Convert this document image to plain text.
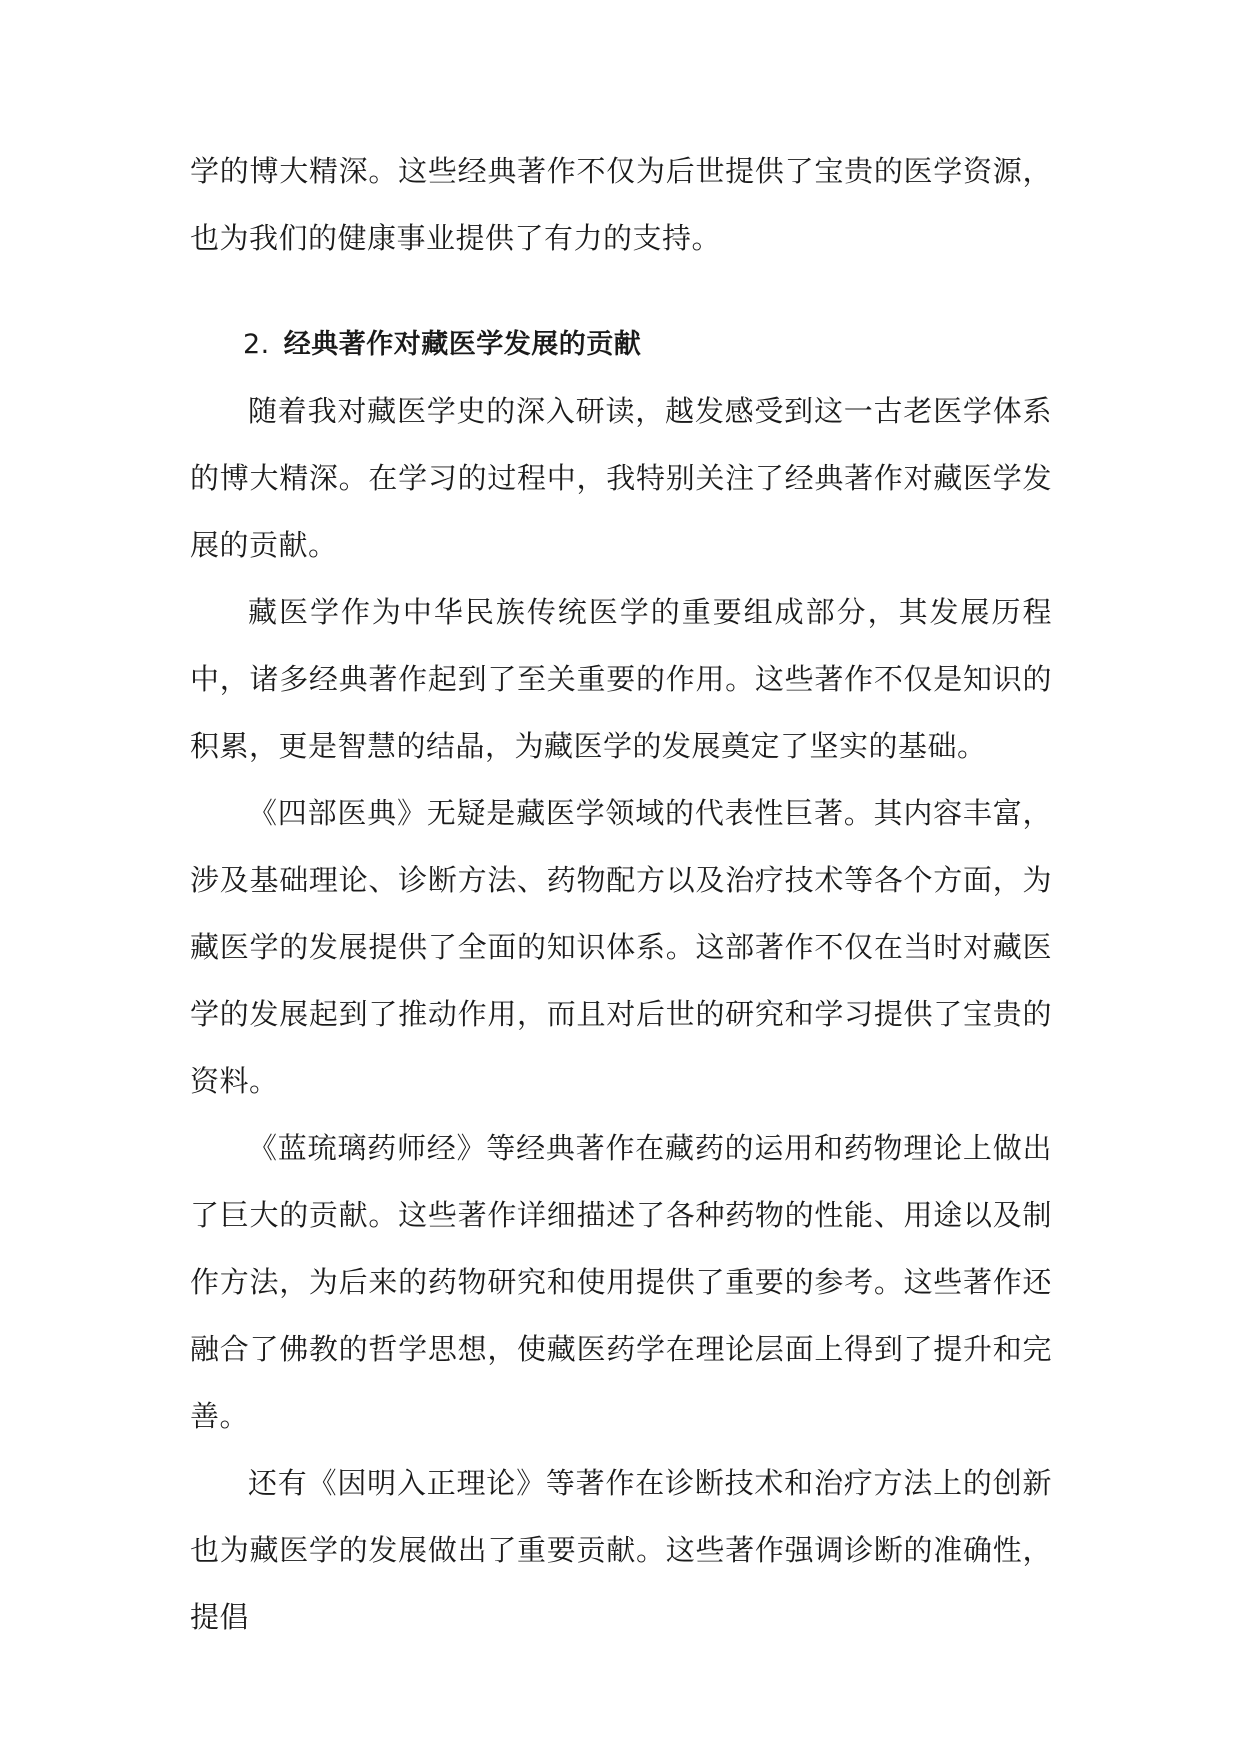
学的博大精深。这些经典著作不仅为后世提供了宝贵的医学资源，也为我们的健康事业提供了有力的支持。

2. 经典著作对藏医学发展的贡献

随着我对藏医学史的深入研读，越发感受到这一古老医学体系的博大精深。在学习的过程中，我特别关注了经典著作对藏医学发展的贡献。

藏医学作为中华民族传统医学的重要组成部分，其发展历程中，诸多经典著作起到了至关重要的作用。这些著作不仅是知识的积累，更是智慧的结晶，为藏医学的发展奠定了坚实的基础。

《四部医典》无疑是藏医学领域的代表性巨著。其内容丰富，涉及基础理论、诊断方法、药物配方以及治疗技术等各个方面，为藏医学的发展提供了全面的知识体系。这部著作不仅在当时对藏医学的发展起到了推动作用，而且对后世的研究和学习提供了宝贵的资料。

《蓝琉璃药师经》等经典著作在藏药的运用和药物理论上做出了巨大的贡献。这些著作详细描述了各种药物的性能、用途以及制作方法，为后来的药物研究和使用提供了重要的参考。这些著作还融合了佛教的哲学思想，使藏医药学在理论层面上得到了提升和完善。

还有《因明入正理论》等著作在诊断技术和治疗方法上的创新也为藏医学的发展做出了重要贡献。这些著作强调诊断的准确性，提倡
